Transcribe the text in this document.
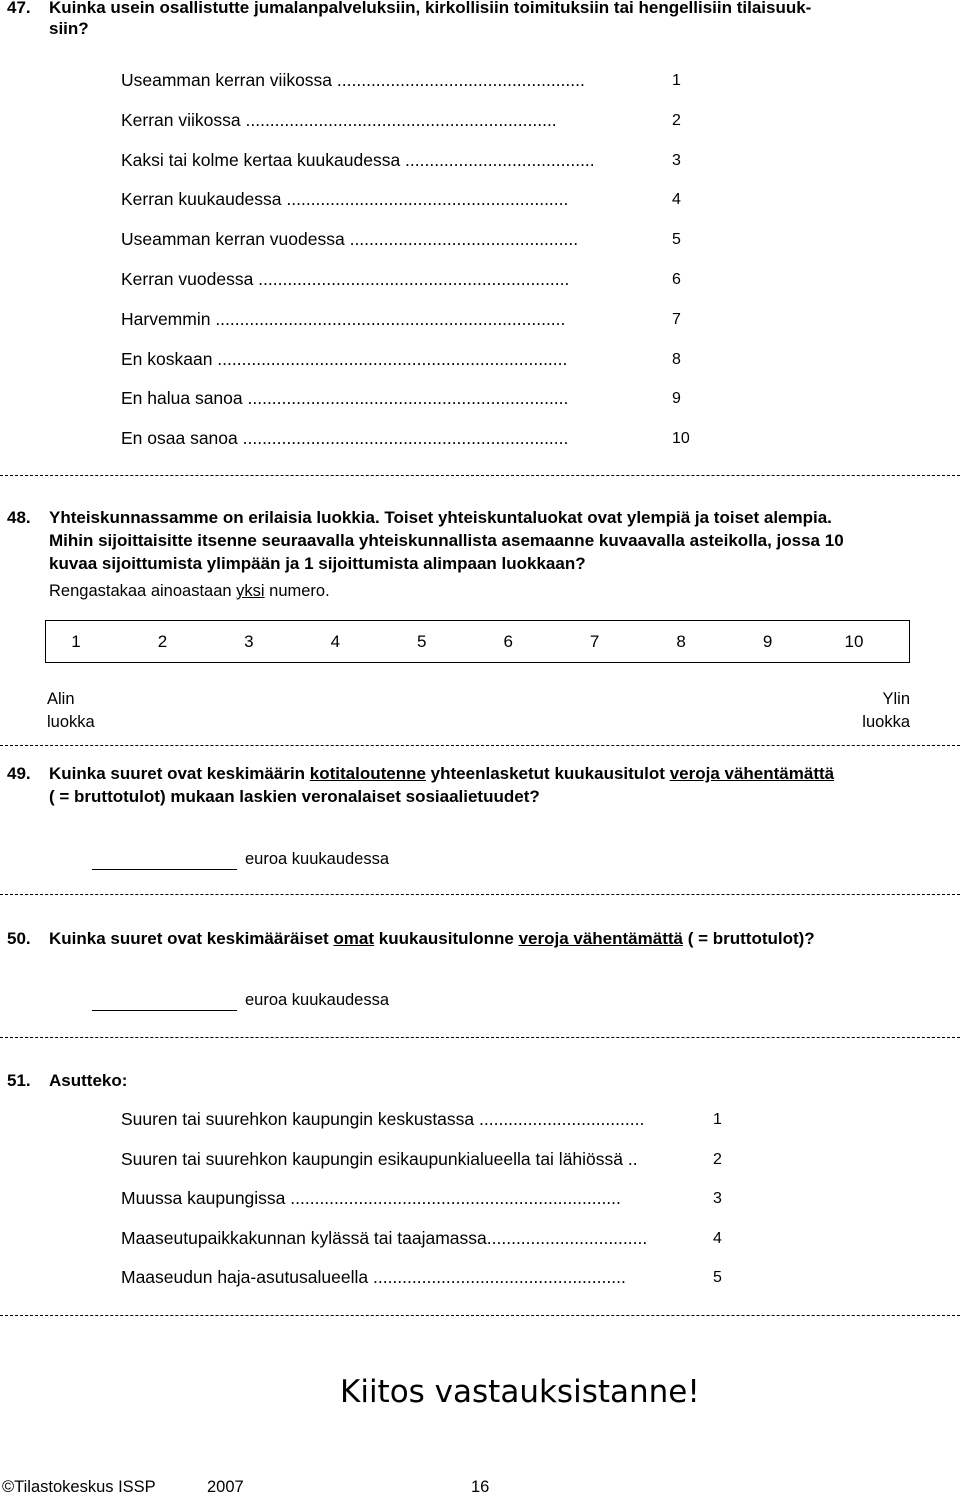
47. Kuinka usein osallistutte jumalanpalveluksiin, kirkollisiin toimituksiin tai hengellisiin tilaisuuk-
siin?
Useamman kerran viikossa ...................................................	1
Kerran viikossa ................................................................	2
Kaksi tai kolme kertaa kuukaudessa .......................................	3
Kerran kuukaudessa ..........................................................	4
Useamman kerran vuodessa ...............................................	5
Kerran vuodessa ................................................................	6
Harvemmin ........................................................................	7
En koskaan ........................................................................	8
En halua sanoa ..................................................................	9
En osaa sanoa ...................................................................	10
48. Yhteiskunnassamme on erilaisia luokkia. Toiset yhteiskuntaluokat ovat ylempiä ja toiset alempia.
Mihin sijoittaisitte itsenne seuraavalla yhteiskunnallista asemaanne kuvaavalla asteikolla, jossa 10
kuvaa sijoittumista ylimpään ja 1 sijoittumista alimpaan luokkaan?
Rengastakaa ainoastaan yksi numero.
1	2	3	4	5	6	7	8	9	10
Alin
luokka
Ylin
luokka
49. Kuinka suuret ovat keskimäärin kotitaloutenne yhteenlasketut kuukausitulot veroja vähentämättä
( = bruttotulot) mukaan laskien veronalaiset sosiaalietuudet?
euroa kuukaudessa
50. Kuinka suuret ovat keskimääräiset omat kuukausitulonne veroja vähentämättä ( = bruttotulot)?
euroa kuukaudessa
51. Asutteko:
Suuren tai suurehkon kaupungin keskustassa ..................................	1
Suuren tai suurehkon kaupungin esikaupunkialueella tai lähiössä ..	2
Muussa kaupungissa ....................................................................	3
Maaseutupaikkakunnan kylässä tai taajamassa.................................	4
Maaseudun haja-asutusalueella ....................................................	5
Kiitos vastauksistanne!
©Tilastokeskus ISSP	2007	16
